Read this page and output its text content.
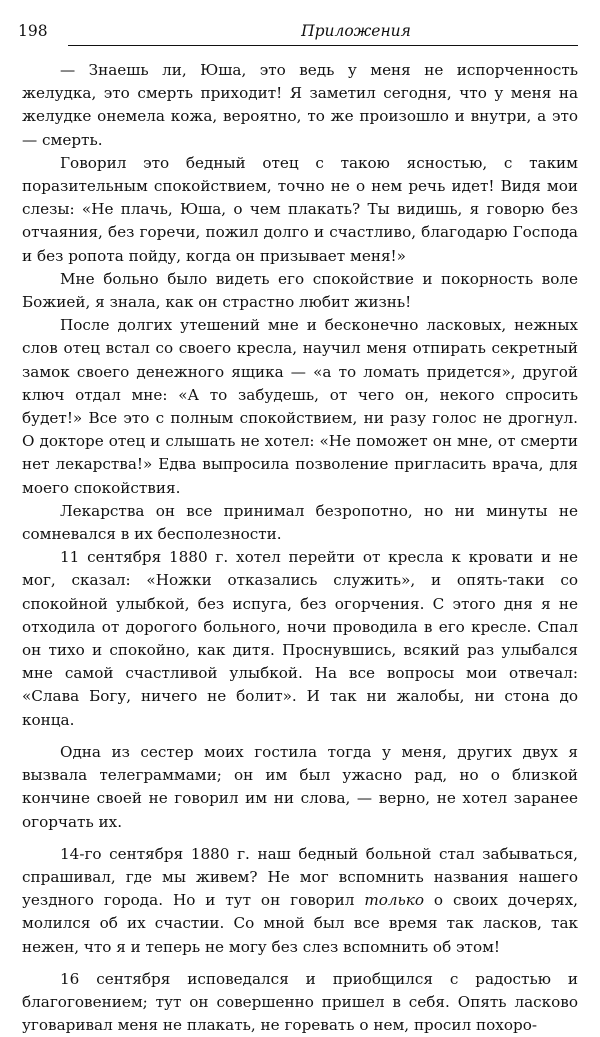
198	Приложения

— Знаешь ли, Юша, это ведь у меня не испорченность желудка, это смерть приходит! Я заметил сегодня, что у меня на желудке онемела кожа, вероятно, то же произошло и внутри, а это — смерть.

Говорил это бедный отец с такою ясностью, с таким поразительным спокойствием, точно не о нем речь идет! Видя мои слезы: «Не плачь, Юша, о чем плакать? Ты видишь, я говорю без отчаяния, без горечи, пожил долго и счастливо, благодарю Господа и без ропота пойду, когда он призывает меня!»

Мне больно было видеть его спокойствие и покорность воле Божией, я знала, как он страстно любит жизнь!

После долгих утешений мне и бесконечно ласковых, нежных слов отец встал со своего кресла, научил меня отпирать секретный замок своего денежного ящика — «а то ломать придется», другой ключ отдал мне: «А то забудешь, от чего он, некого спросить будет!» Все это с полным спокойствием, ни разу голос не дрогнул. О докторе отец и слышать не хотел: «Не поможет он мне, от смерти нет лекарства!» Едва выпросила позволение пригласить врача, для моего спокойствия.

Лекарства он все принимал безропотно, но ни минуты не сомневался в их бесполезности.

11 сентября 1880 г. хотел перейти от кресла к кровати и не мог, сказал: «Ножки отказались служить», и опять-таки со спокойной улыбкой, без испуга, без огорчения. С этого дня я не отходила от дорогого больного, ночи проводила в его кресле. Спал он тихо и спокойно, как дитя. Проснувшись, всякий раз улыбался мне самой счастливой улыбкой. На все вопросы мои отвечал: «Слава Богу, ничего не болит». И так ни жалобы, ни стона до конца.

Одна из сестер моих гостила тогда у меня, других двух я вызвала телеграммами; он им был ужасно рад, но о близкой кончине своей не говорил им ни слова, — верно, не хотел заранее огорчать их.

14-го сентября 1880 г. наш бедный больной стал забываться, спрашивал, где мы живем? Не мог вспомнить названия нашего уездного города. Но и тут он говорил только о своих дочерях, молился об их счастии. Со мной был все время так ласков, так нежен, что я и теперь не могу без слез вспомнить об этом!

16 сентября исповедался и приобщился с радостью и благоговением; тут он совершенно пришел в себя. Опять ласково уговаривал меня не плакать, не горевать о нем, просил похоро-
